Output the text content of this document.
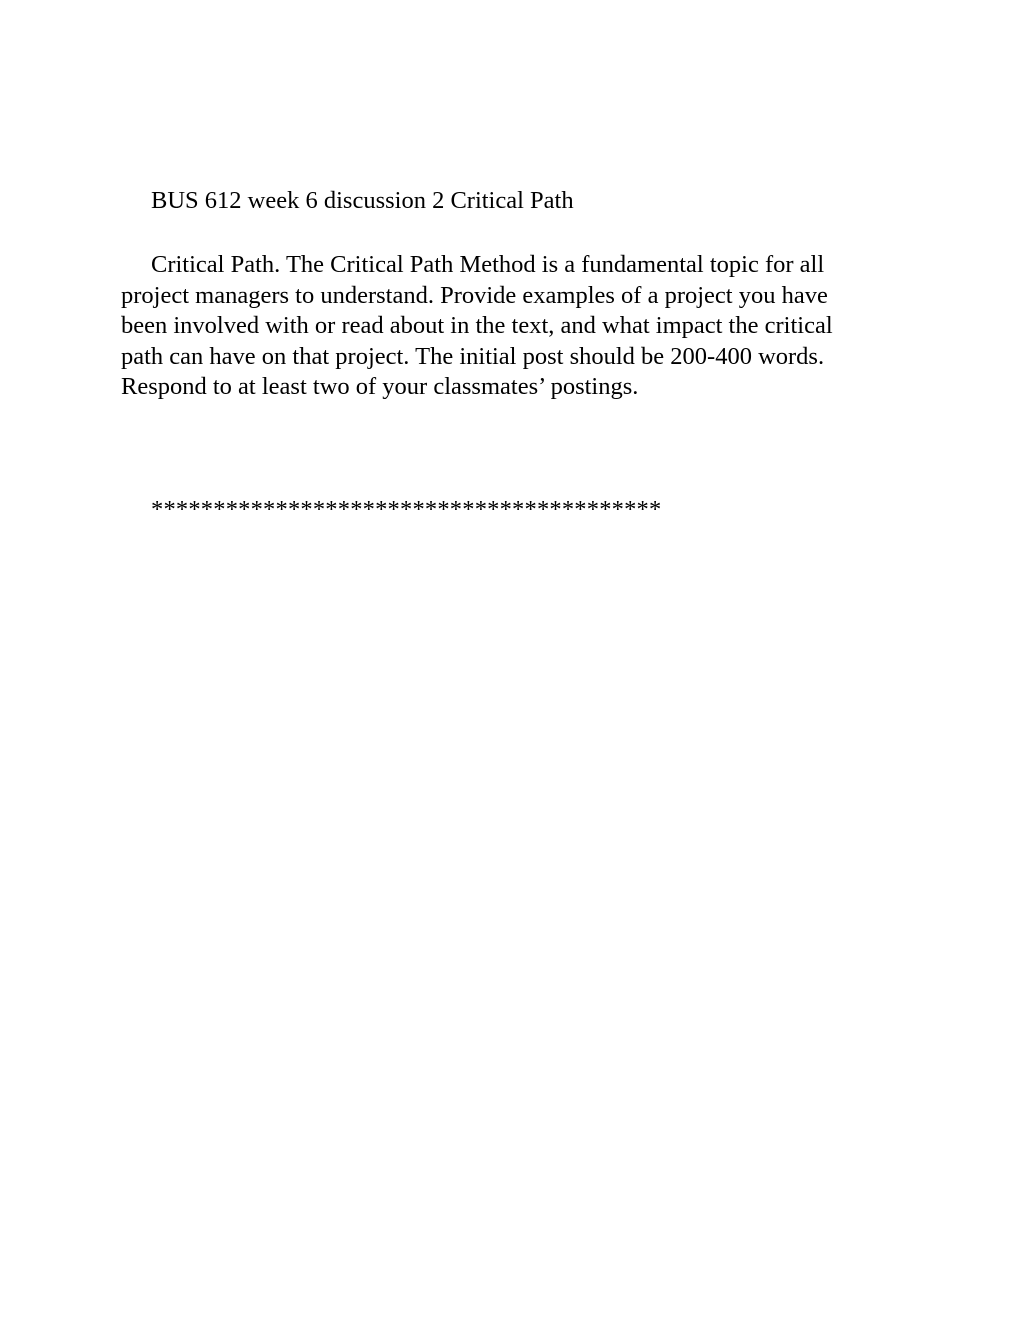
BUS 612 week 6 discussion 2 Critical Path
Critical Path. The Critical Path Method is a fundamental topic for all
project managers to understand. Provide examples of a project you have
been involved with or read about in the text, and what impact the critical
path can have on that project. The initial post should be 200-400 words.
Respond to at least two of your classmates’ postings.
*****************************************
